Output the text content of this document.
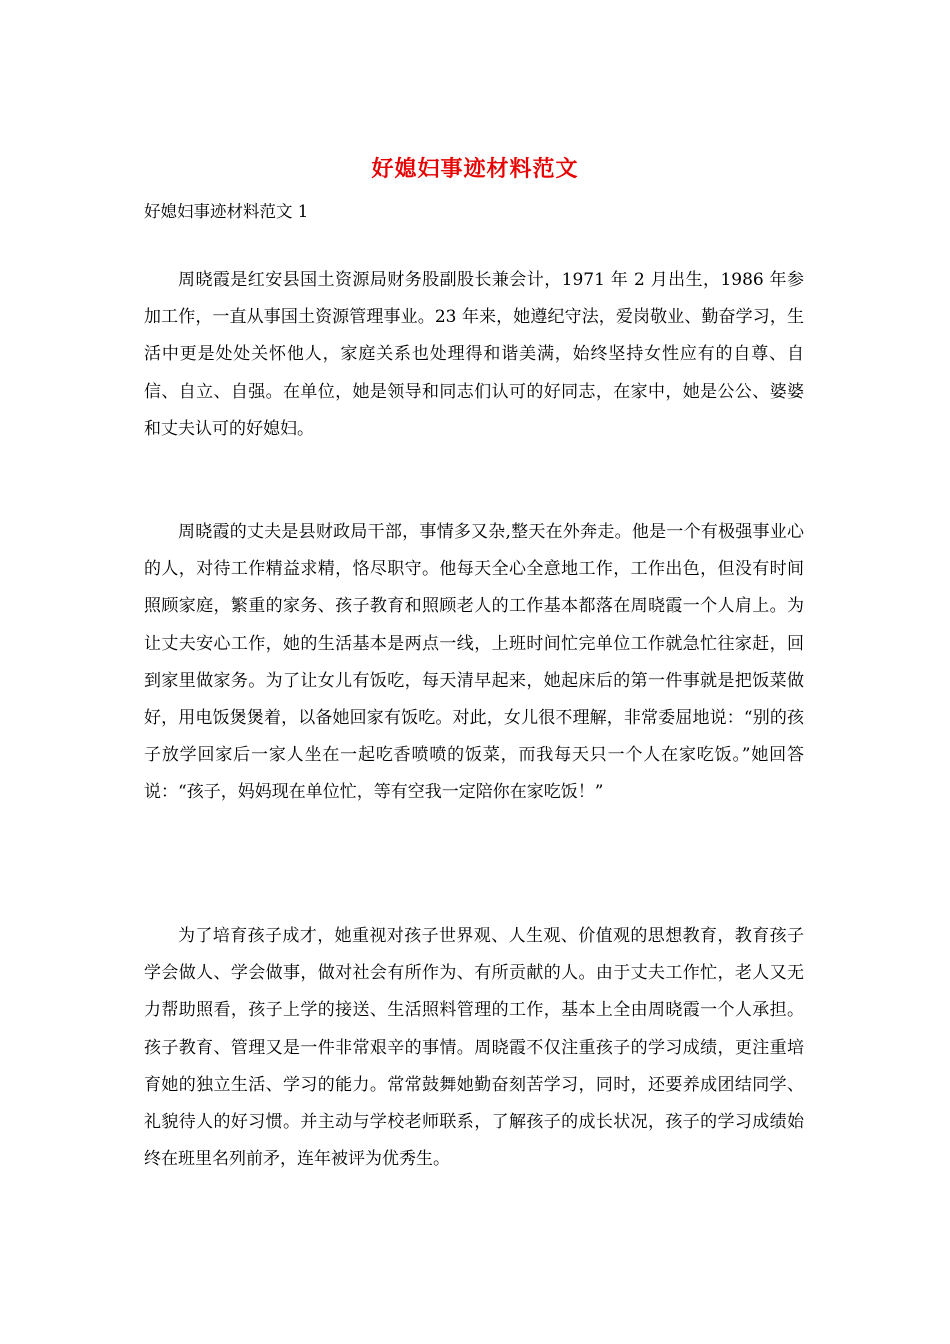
好媳妇事迹材料范文
好媳妇事迹材料范文 1

周晓霞是红安县国土资源局财务股副股长兼会计，1971 年 2 月出生，1986 年参加工作，一直从事国土资源管理事业。23 年来，她遵纪守法，爱岗敬业、勤奋学习，生活中更是处处关怀他人，家庭关系也处理得和谐美满，始终坚持女性应有的自尊、自信、自立、自强。在单位，她是领导和同志们认可的好同志，在家中，她是公公、婆婆和丈夫认可的好媳妇。

周晓霞的丈夫是县财政局干部，事情多又杂,整天在外奔走。他是一个有极强事业心的人，对待工作精益求精，恪尽职守。他每天全心全意地工作，工作出色，但没有时间照顾家庭，繁重的家务、孩子教育和照顾老人的工作基本都落在周晓霞一个人肩上。为让丈夫安心工作，她的生活基本是两点一线，上班时间忙完单位工作就急忙往家赶，回到家里做家务。为了让女儿有饭吃，每天清早起来，她起床后的第一件事就是把饭菜做好，用电饭煲煲着，以备她回家有饭吃。对此，女儿很不理解，非常委屈地说：“别的孩子放学回家后一家人坐在一起吃香喷喷的饭菜，而我每天只一个人在家吃饭。”她回答说：“孩子，妈妈现在单位忙，等有空我一定陪你在家吃饭！”

为了培育孩子成才，她重视对孩子世界观、人生观、价值观的思想教育，教育孩子学会做人、学会做事，做对社会有所作为、有所贡献的人。由于丈夫工作忙，老人又无力帮助照看，孩子上学的接送、生活照料管理的工作，基本上全由周晓霞一个人承担。孩子教育、管理又是一件非常艰辛的事情。周晓霞不仅注重孩子的学习成绩，更注重培育她的独立生活、学习的能力。常常鼓舞她勤奋刻苦学习，同时，还要养成团结同学、礼貌待人的好习惯。并主动与学校老师联系，了解孩子的成长状况，孩子的学习成绩始终在班里名列前矛，连年被评为优秀生。
